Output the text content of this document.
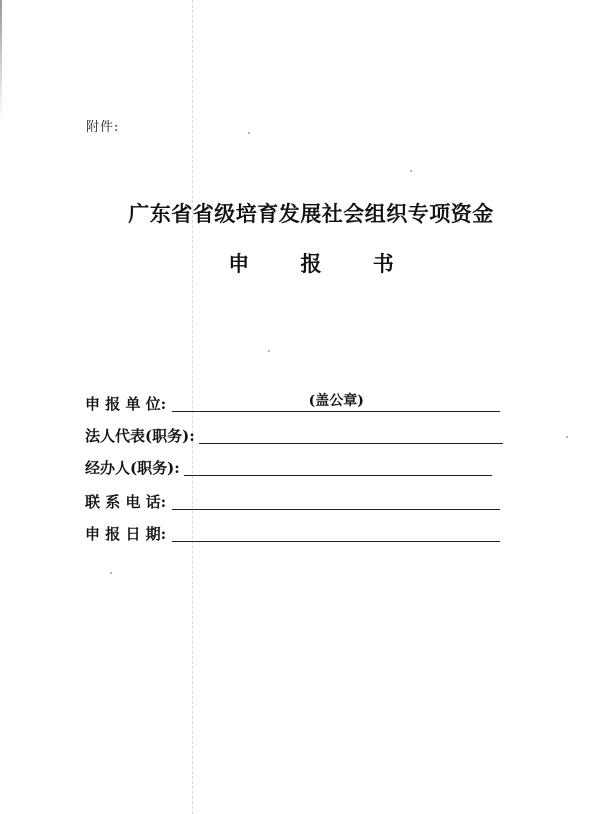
附件:
广东省省级培育发展社会组织专项资金
申 报 书
申 报 单 位:	(盖公章)
法人代表(职务):
经办人(职务):
联 系 电 话:
申 报 日 期:
